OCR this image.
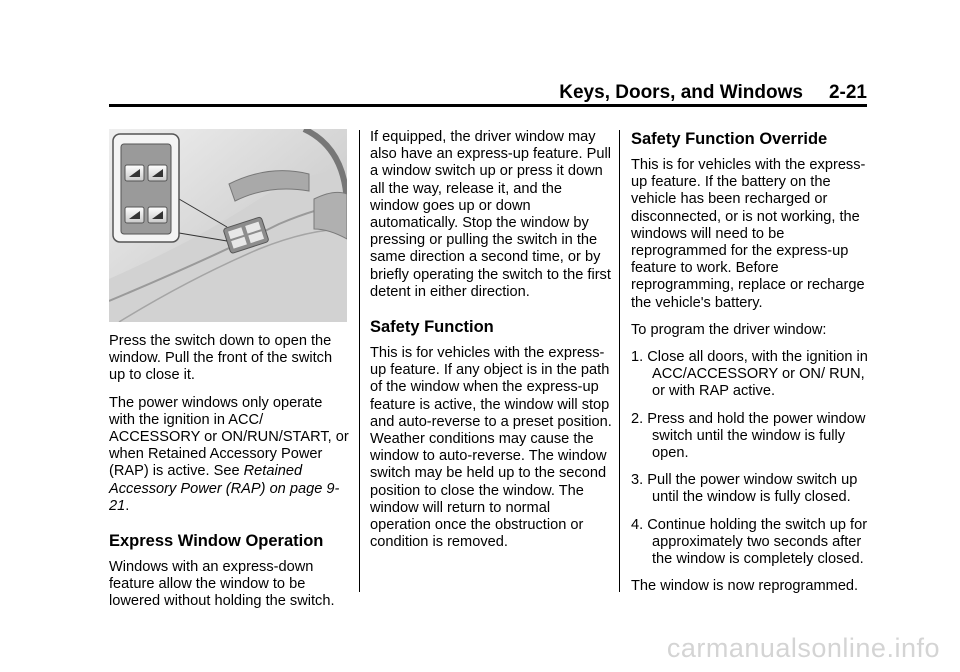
Keys, Doors, and Windows 2-21

Press the switch down to open the window. Pull the front of the switch up to close it.

The power windows only operate with the ignition in ACC/ ACCESSORY or ON/RUN/START, or when Retained Accessory Power (RAP) is active. See Retained Accessory Power (RAP) on page 9-21.

Express Window Operation

Windows with an express-down feature allow the window to be lowered without holding the switch.

If equipped, the driver window may also have an express-up feature. Pull a window switch up or press it down all the way, release it, and the window goes up or down automatically. Stop the window by pressing or pulling the switch in the same direction a second time, or by briefly operating the switch to the first detent in either direction.

Safety Function

This is for vehicles with the express-up feature. If any object is in the path of the window when the express-up feature is active, the window will stop and auto-reverse to a preset position. Weather conditions may cause the window to auto-reverse. The window switch may be held up to the second position to close the window. The window will return to normal operation once the obstruction or condition is removed.

Safety Function Override

This is for vehicles with the express-up feature. If the battery on the vehicle has been recharged or disconnected, or is not working, the windows will need to be reprogrammed for the express-up feature to work. Before reprogramming, replace or recharge the vehicle's battery.

To program the driver window:

1. Close all doors, with the ignition in ACC/ACCESSORY or ON/ RUN, or with RAP active.
2. Press and hold the power window switch until the window is fully open.
3. Pull the power window switch up until the window is fully closed.
4. Continue holding the switch up for approximately two seconds after the window is completely closed.

The window is now reprogrammed.

carmanualsonline.info
